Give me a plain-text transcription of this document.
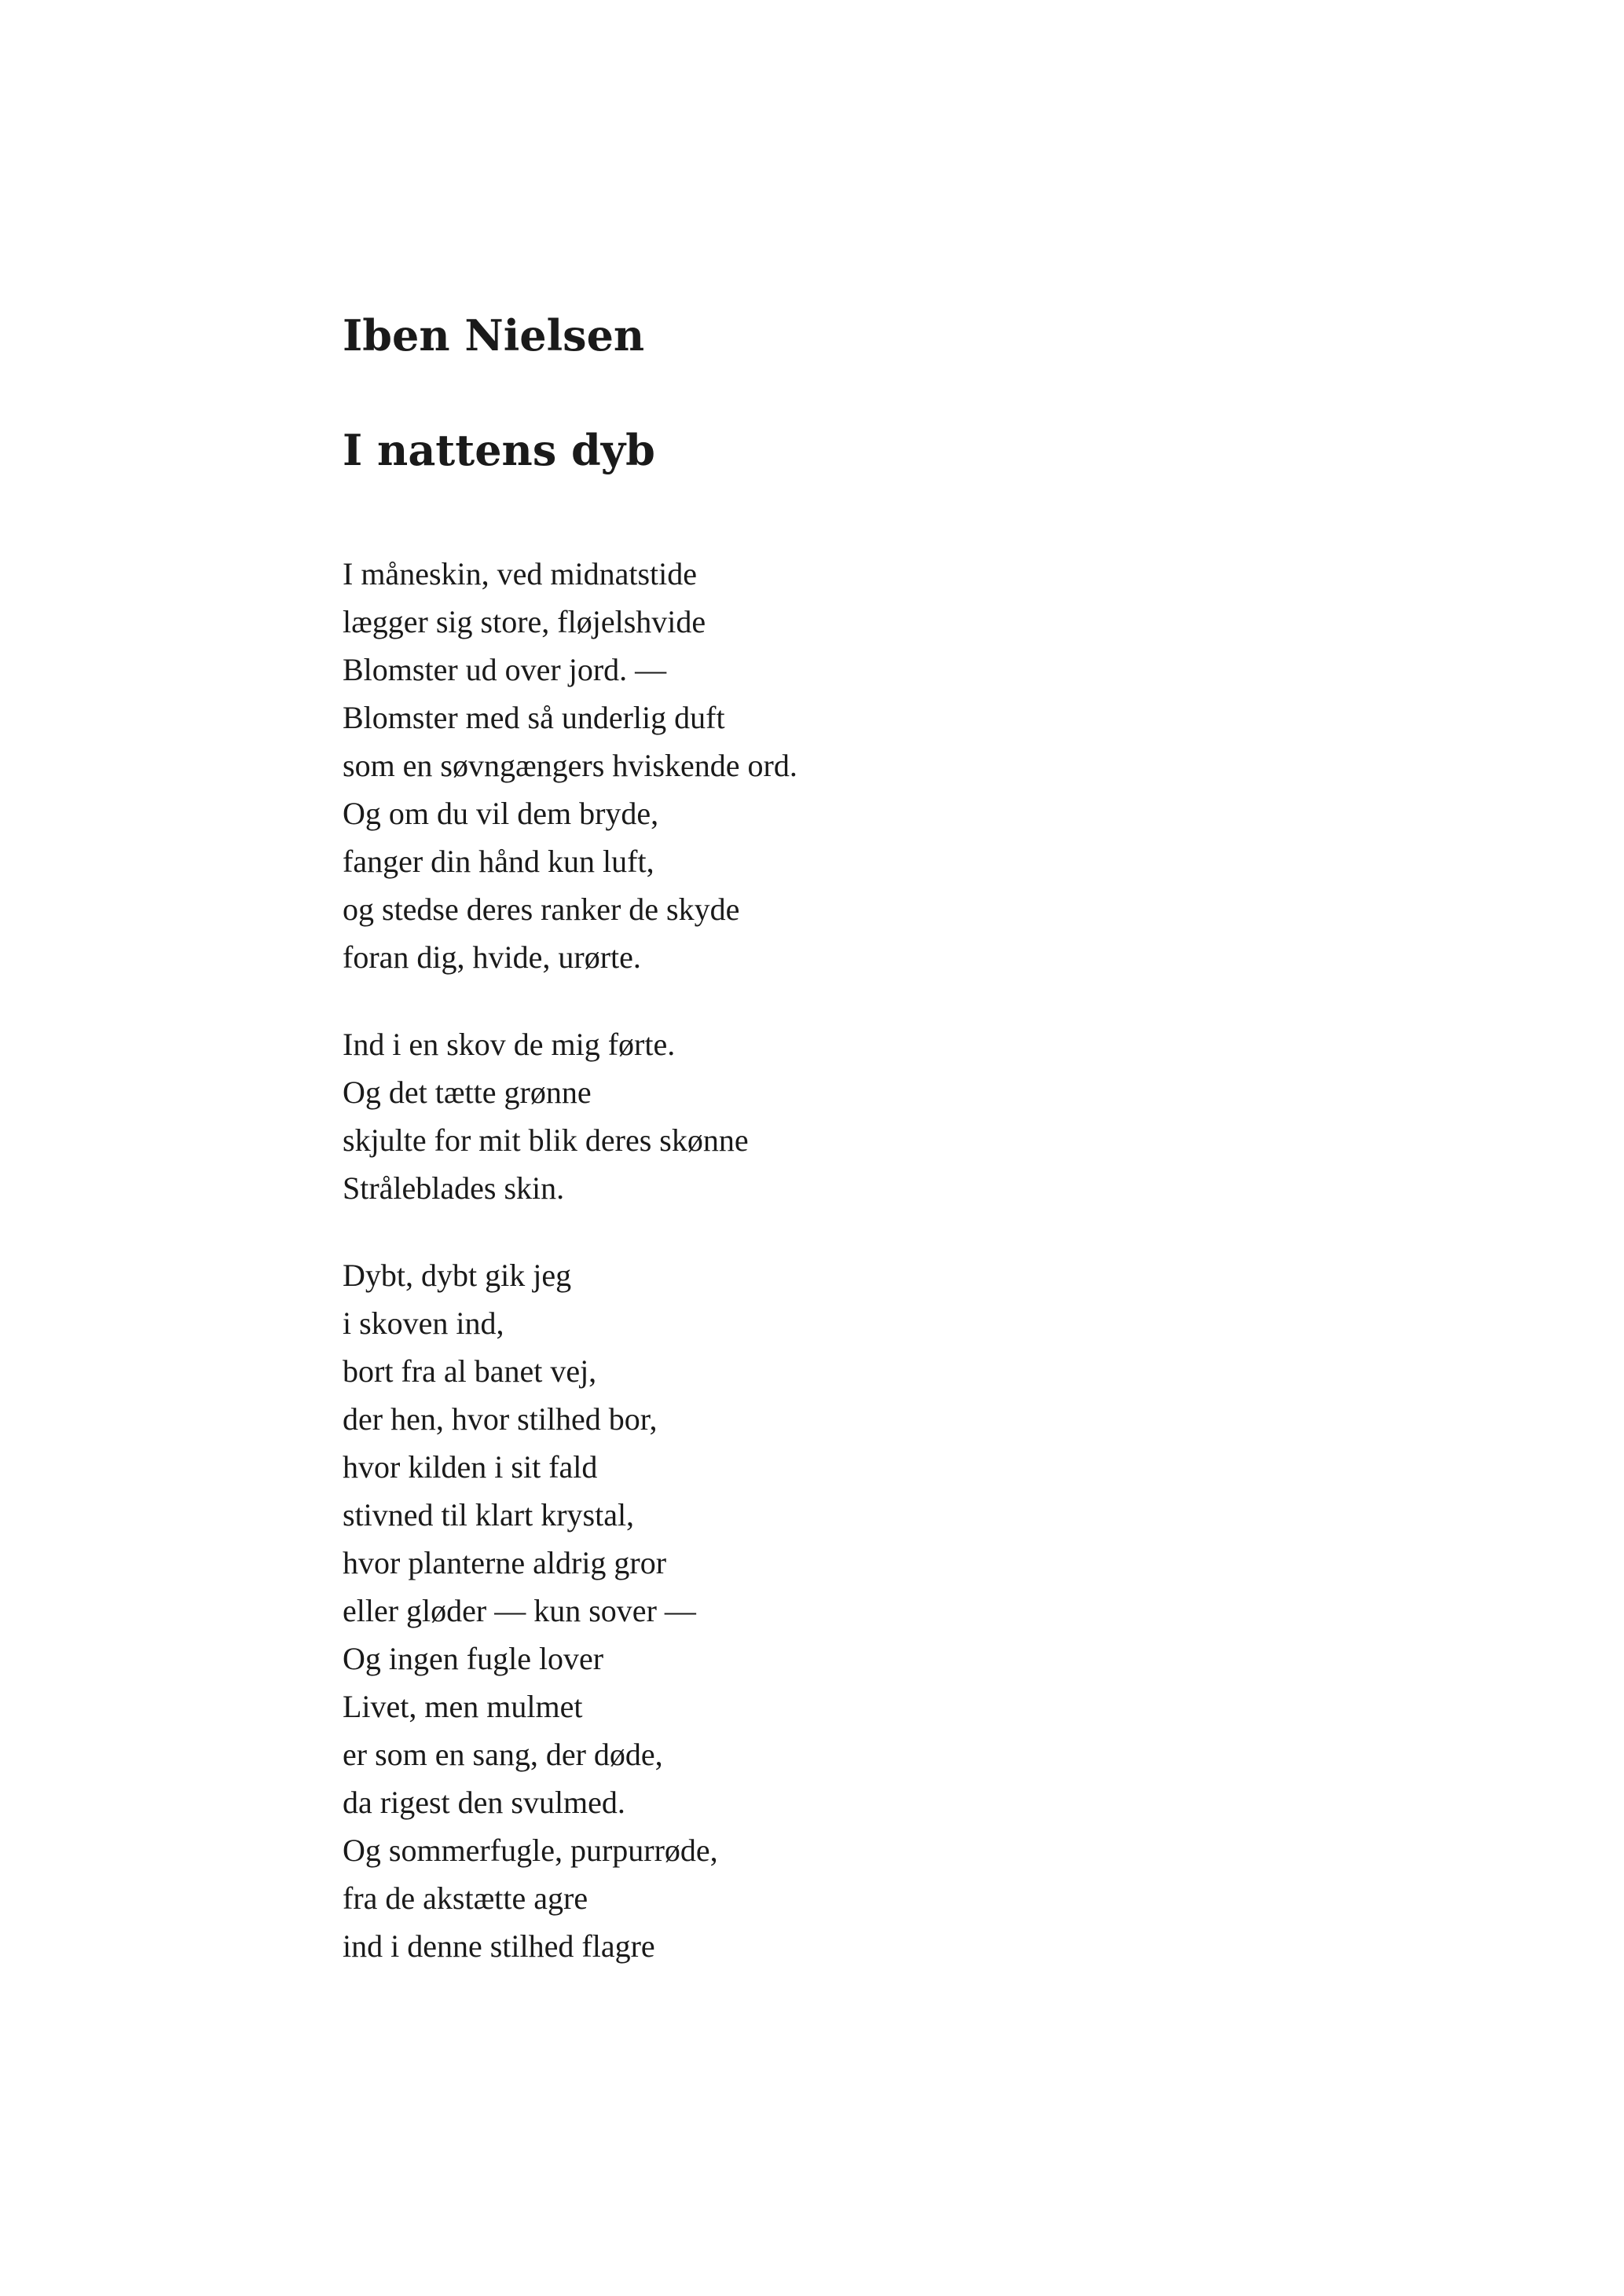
Iben Nielsen
I nattens dyb
I måneskin, ved midnatstide
lægger sig store, fløjelshvide
Blomster ud over jord. —
Blomster med så underlig duft
som en søvngængers hviskende ord.
Og om du vil dem bryde,
fanger din hånd kun luft,
og stedse deres ranker de skyde
foran dig, hvide, urørte.
Ind i en skov de mig førte.
Og det tætte grønne
skjulte for mit blik deres skønne
Stråleblades skin.
Dybt, dybt gik jeg
i skoven ind,
bort fra al banet vej,
der hen, hvor stilhed bor,
hvor kilden i sit fald
stivned til klart krystal,
hvor planterne aldrig gror
eller gløder — kun sover —
Og ingen fugle lover
Livet, men mulmet
er som en sang, der døde,
da rigest den svulmed.
Og sommerfugle, purpurrøde,
fra de akstætte agre
ind i denne stilhed flagre
